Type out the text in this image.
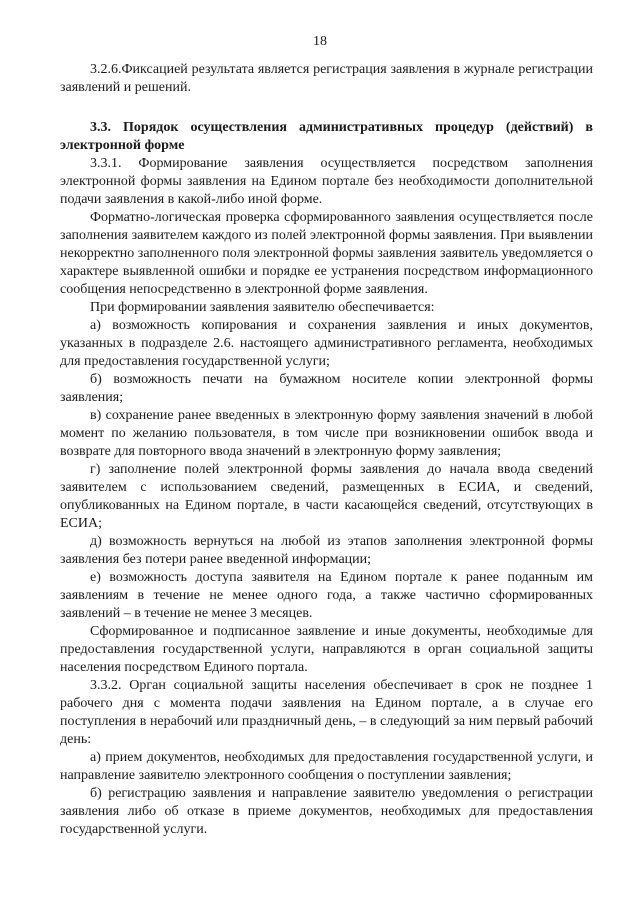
18

3.2.6.Фиксацией результата является регистрация заявления в журнале регистрации заявлений и решений.

3.3. Порядок осуществления административных процедур (действий) в электронной форме

3.3.1. Формирование заявления осуществляется посредством заполнения электронной формы заявления на Едином портале без необходимости дополнительной подачи заявления в какой-либо иной форме.

Форматно-логическая проверка сформированного заявления осуществляется после заполнения заявителем каждого из полей электронной формы заявления. При выявлении некорректно заполненного поля электронной формы заявления заявитель уведомляется о характере выявленной ошибки и порядке ее устранения посредством информационного сообщения непосредственно в электронной форме заявления.

При формировании заявления заявителю обеспечивается:

а) возможность копирования и сохранения заявления и иных документов, указанных в подразделе 2.6. настоящего административного регламента, необходимых для предоставления государственной услуги;

б) возможность печати на бумажном носителе копии электронной формы заявления;

в) сохранение ранее введенных в электронную форму заявления значений в любой момент по желанию пользователя, в том числе при возникновении ошибок ввода и возврате для повторного ввода значений в электронную форму заявления;

г) заполнение полей электронной формы заявления до начала ввода сведений заявителем с использованием сведений, размещенных в ЕСИА, и сведений, опубликованных на Едином портале, в части касающейся сведений, отсутствующих в ЕСИА;

д) возможность вернуться на любой из этапов заполнения электронной формы заявления без потери ранее введенной информации;

е) возможность доступа заявителя на Едином портале к ранее поданным им заявлениям в течение не менее одного года, а также частично сформированных заявлений – в течение не менее 3 месяцев.

Сформированное и подписанное заявление и иные документы, необходимые для предоставления государственной услуги, направляются в орган социальной защиты населения посредством Единого портала.

3.3.2. Орган социальной защиты населения обеспечивает в срок не позднее 1 рабочего дня с момента подачи заявления на Едином портале, а в случае его поступления в нерабочий или праздничный день, – в следующий за ним первый рабочий день:

а) прием документов, необходимых для предоставления государственной услуги, и направление заявителю электронного сообщения о поступлении заявления;

б) регистрацию заявления и направление заявителю уведомления о регистрации заявления либо об отказе в приеме документов, необходимых для предоставления государственной услуги.
